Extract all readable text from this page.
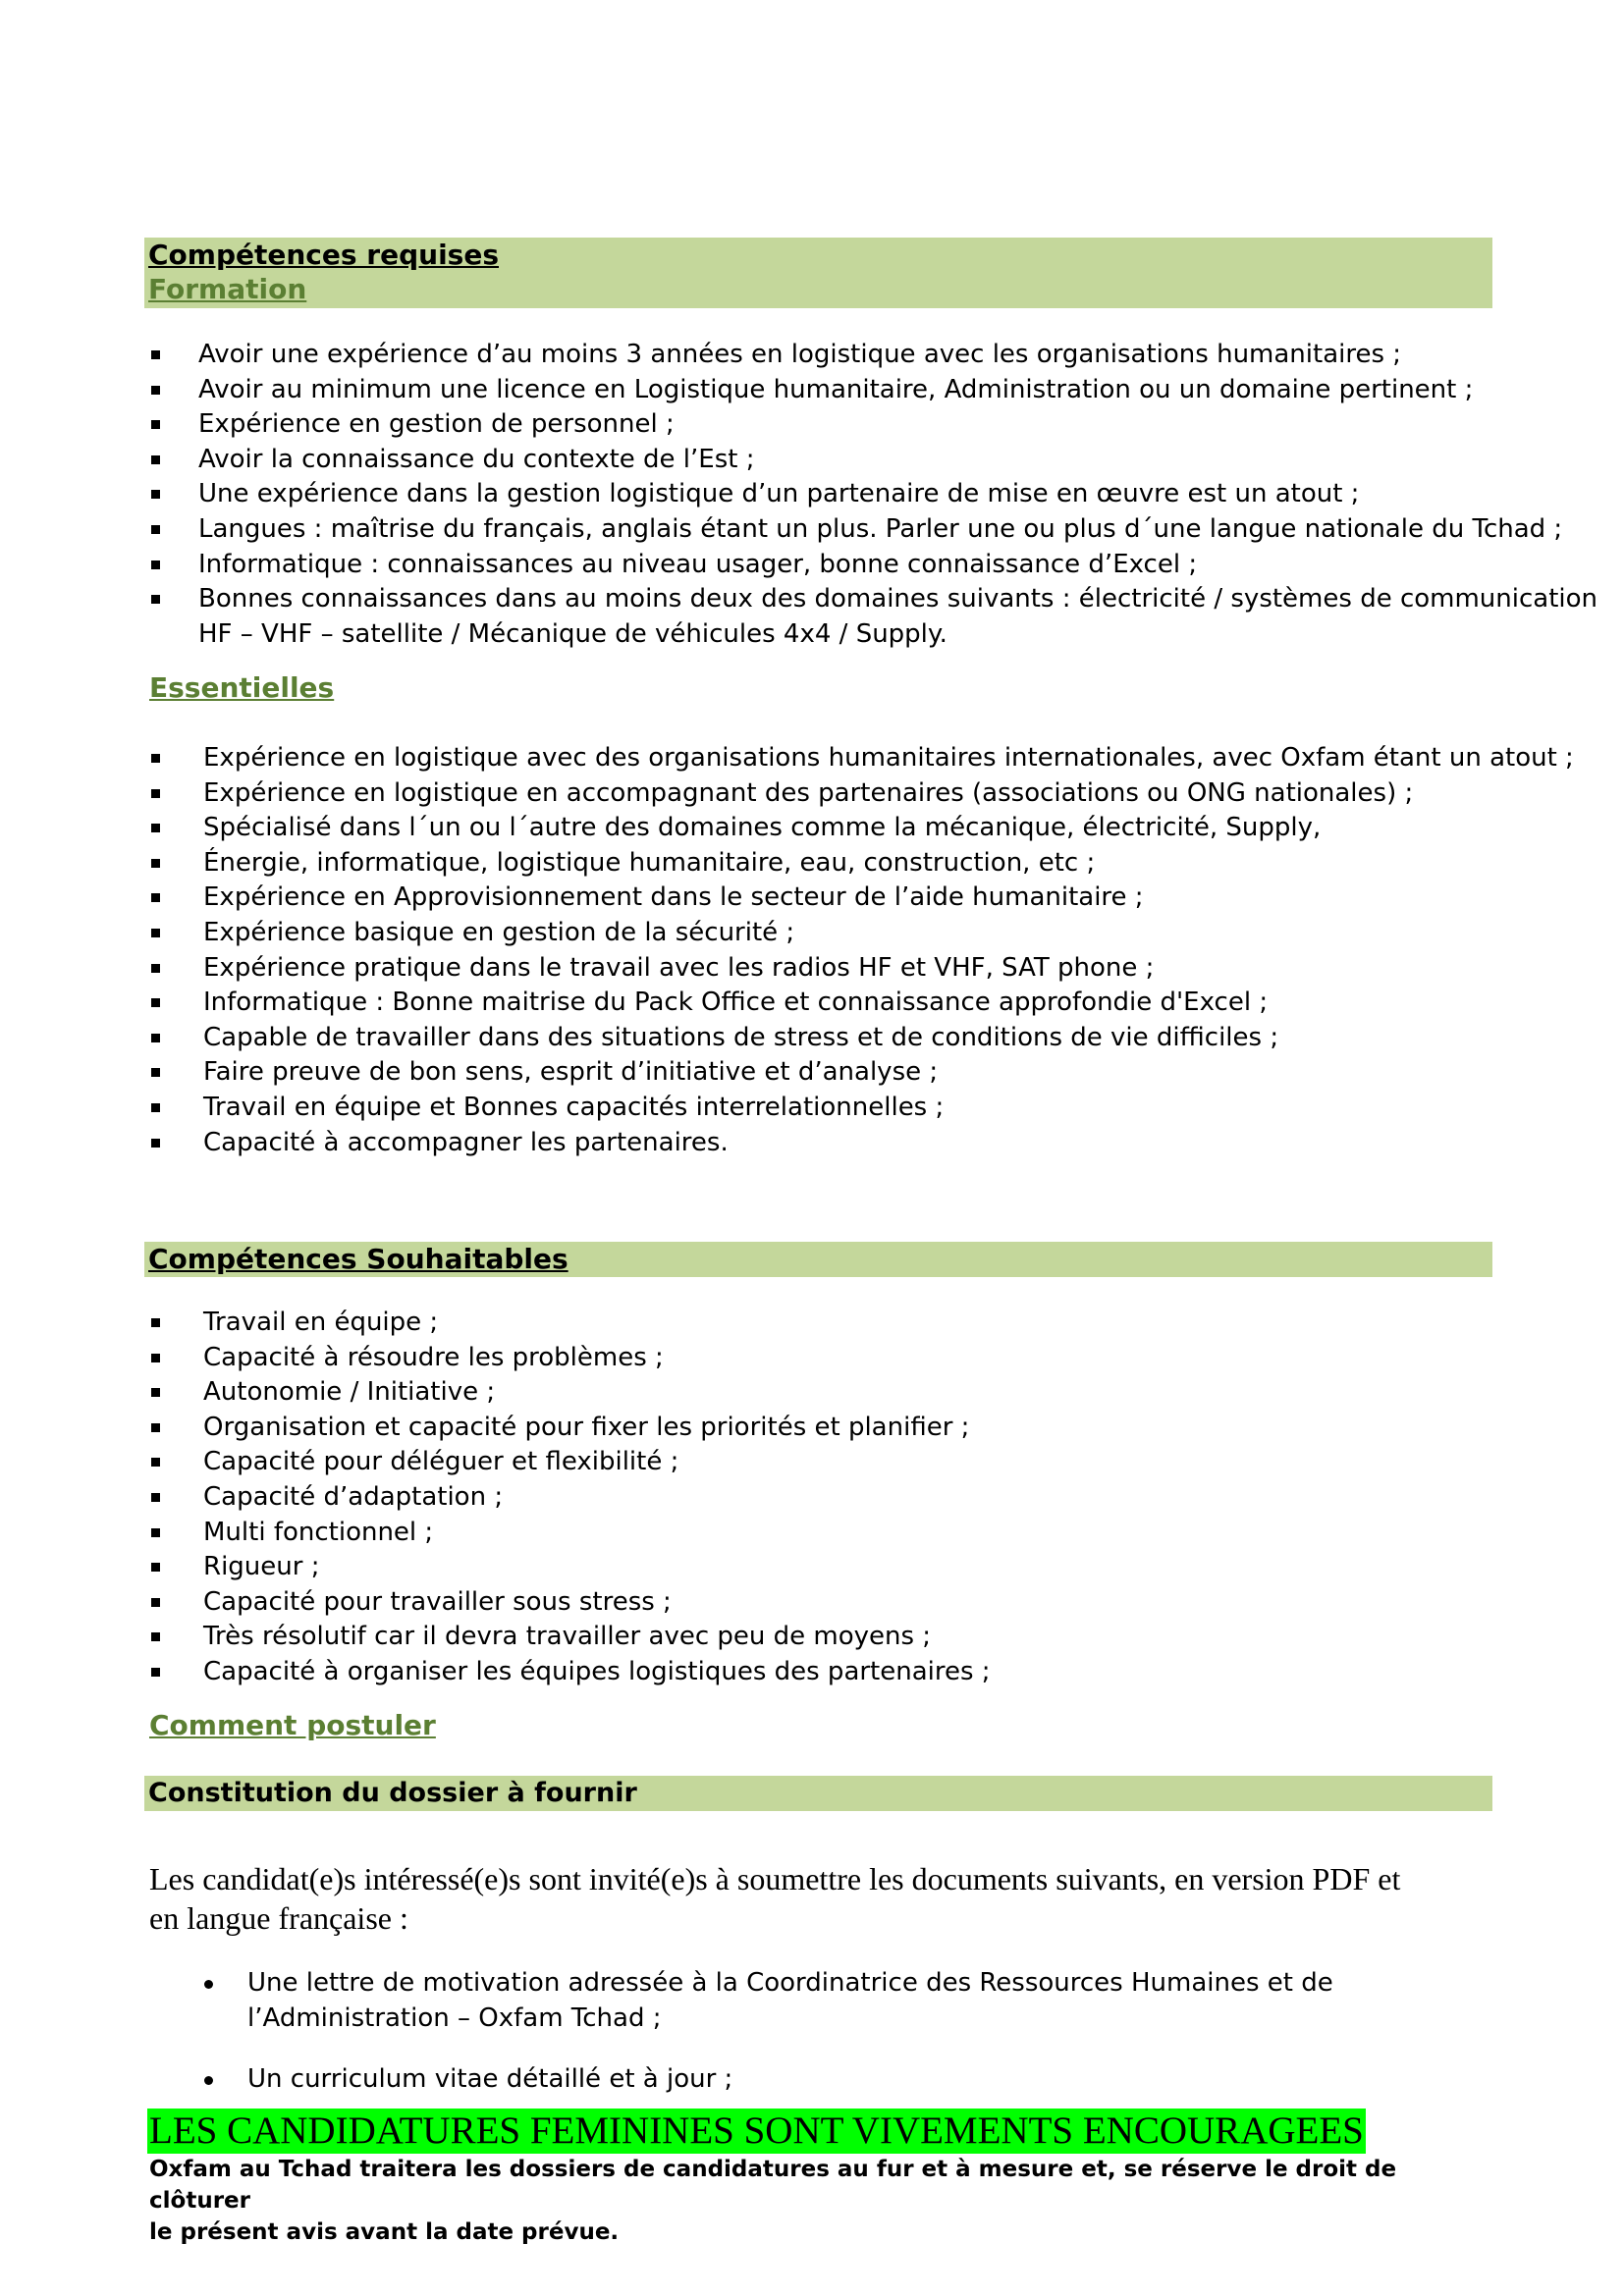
Compétences requises
Formation
Avoir une expérience d’au moins 3 années en logistique avec les organisations humanitaires ;
Avoir au minimum une licence en Logistique humanitaire, Administration ou un domaine pertinent ;
Expérience en gestion de personnel ;
Avoir la connaissance du contexte de l’Est ;
Une expérience dans la gestion logistique d’un partenaire de mise en œuvre est un atout ;
Langues : maîtrise du français, anglais étant un plus. Parler une ou plus d´une langue nationale du Tchad ;
Informatique : connaissances au niveau usager, bonne connaissance d’Excel ;
Bonnes connaissances dans au moins deux des domaines suivants : électricité / systèmes de communication
HF – VHF – satellite / Mécanique de véhicules 4x4 / Supply.
Essentielles
Expérience en logistique avec des organisations humanitaires internationales, avec Oxfam étant un atout ;
Expérience en logistique en accompagnant des partenaires (associations ou ONG nationales) ;
Spécialisé dans l´un ou l´autre des domaines comme la mécanique, électricité, Supply,
Énergie, informatique, logistique humanitaire, eau, construction, etc ;
Expérience en Approvisionnement dans le secteur de l’aide humanitaire ;
Expérience basique en gestion de la sécurité ;
Expérience pratique dans le travail avec les radios HF et VHF, SAT phone ;
Informatique : Bonne maitrise du Pack Office et connaissance approfondie d'Excel ;
Capable de travailler dans des situations de stress et de conditions de vie difficiles ;
Faire preuve de bon sens, esprit d’initiative et d’analyse ;
Travail en équipe et Bonnes capacités interrelationnelles ;
Capacité à accompagner les partenaires.
Compétences Souhaitables
Travail en équipe ;
Capacité à résoudre les problèmes ;
Autonomie / Initiative ;
Organisation et capacité pour fixer les priorités et planifier ;
Capacité pour déléguer et flexibilité ;
Capacité d’adaptation ;
Multi fonctionnel ;
Rigueur ;
Capacité pour travailler sous stress ;
Très résolutif car il devra travailler avec peu de moyens ;
Capacité à organiser les équipes logistiques des partenaires ;
Comment postuler
Constitution du dossier à fournir
Les candidat(e)s intéressé(e)s sont invité(e)s à soumettre les documents suivants, en version PDF et
en langue française :
Une lettre de motivation adressée à la Coordinatrice des Ressources Humaines et de
l’Administration – Oxfam Tchad ;
Un curriculum vitae détaillé et à jour ;
LES CANDIDATURES FEMININES SONT VIVEMENTS ENCOURAGEES
Oxfam au Tchad traitera les dossiers de candidatures au fur et à mesure et, se réserve le droit de clôturer
le présent avis avant la date prévue.
